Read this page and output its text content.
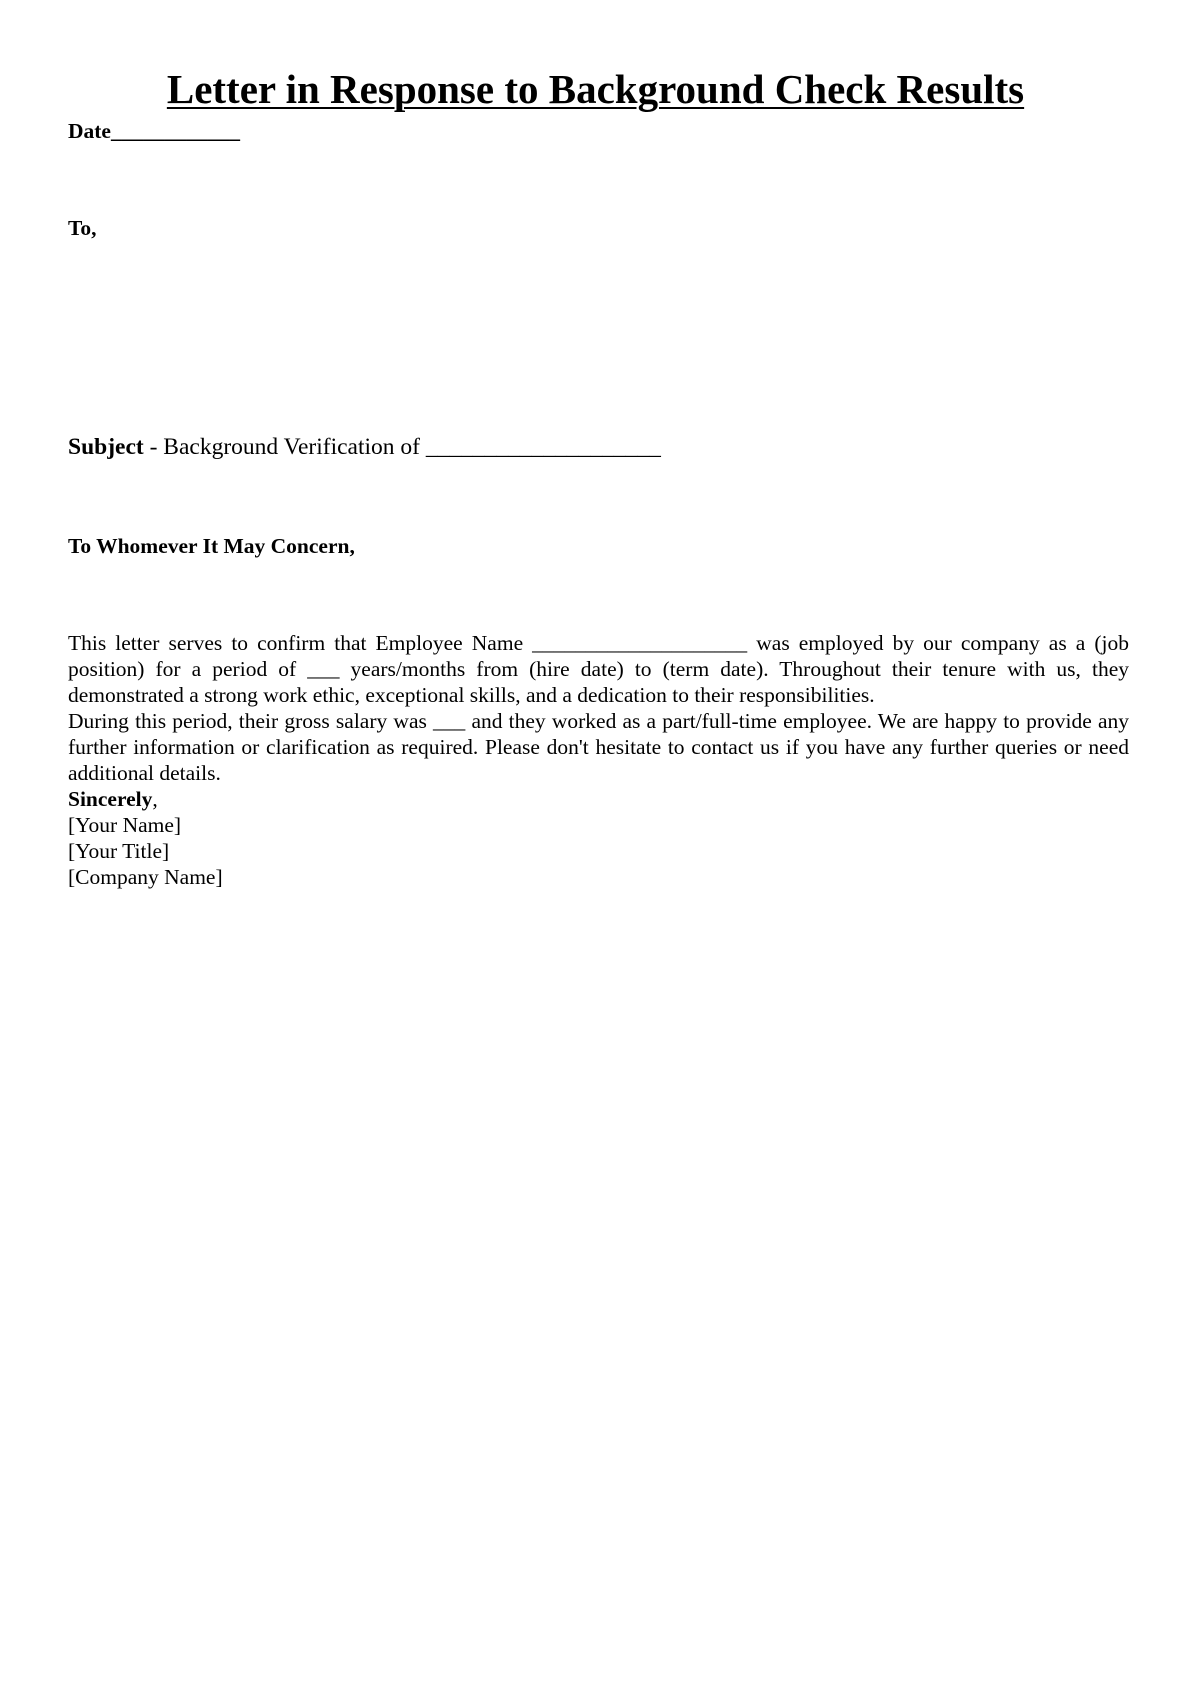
Letter in Response to Background Check Results
Date____________
To,
Subject - Background Verification of ____________________
To Whomever It May Concern,

This letter serves to confirm that Employee Name ____________________ was employed by our company as a (job position) for a period of ___ years/months from (hire date) to (term date). Throughout their tenure with us, they demonstrated a strong work ethic, exceptional skills, and a dedication to their responsibilities.

During this period, their gross salary was ___ and they worked as a part/full-time employee. We are happy to provide any further information or clarification as required. Please don't hesitate to contact us if you have any further queries or need additional details.

Sincerely,

[Your Name]

[Your Title]

[Company Name]
